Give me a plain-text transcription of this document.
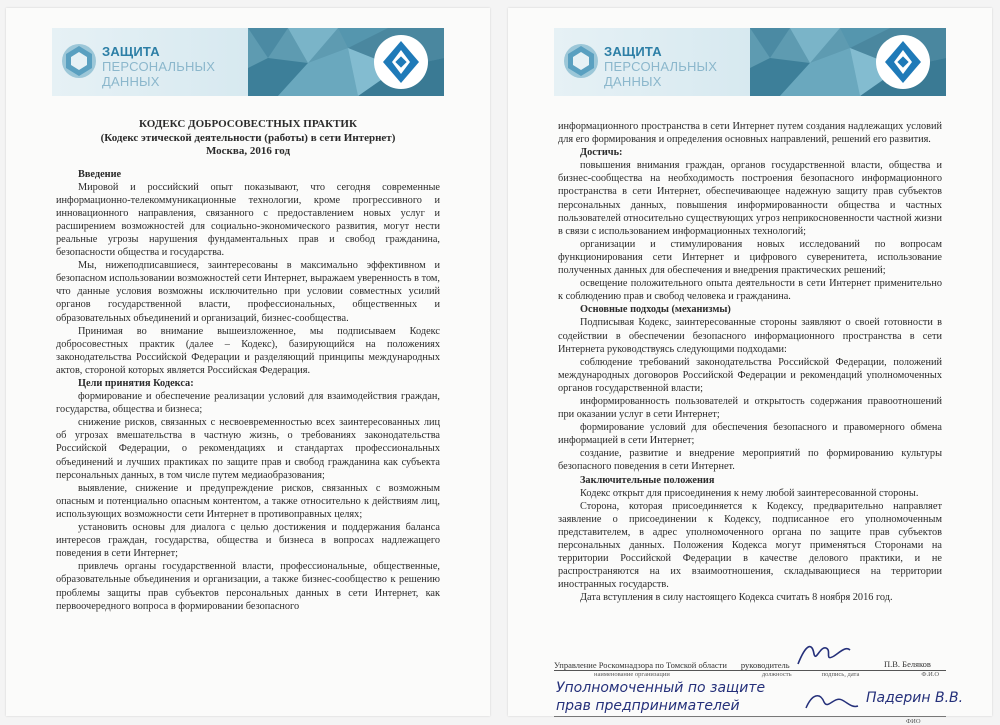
ЗАЩИТА ПЕРСОНАЛЬНЫХ
ДАННЫХ

КОДЕКС ДОБРОСОВЕСТНЫХ ПРАКТИК

(Кодекс этической деятельности (работы) в сети Интернет)

Москва, 2016 год

Введение

Мировой и российский опыт показывают, что сегодня современные информационно-телекоммуникационные технологии, кроме прогрессивного и инновационного направления, связанного с предоставлением новых услуг и расширением возможностей для социально-экономического развития, могут нести реальные угрозы нарушения фундаментальных прав и свобод гражданина, безопасности общества и государства.

Мы, нижеподписавшиеся, заинтересованы в максимально эффективном и безопасном использовании возможностей сети Интернет, выражаем уверенность в том, что данные условия возможны исключительно при условии совместных усилий органов государственной власти, профессиональных, общественных и образовательных объединений и организаций, бизнес-сообщества.

Принимая во внимание вышеизложенное, мы подписываем Кодекс добросовестных практик (далее – Кодекс), базирующийся на положениях законодательства Российской Федерации и разделяющий принципы международных актов, стороной которых является Российская Федерация.

Цели принятия Кодекса:

формирование и обеспечение реализации условий для взаимодействия граждан, государства, общества и бизнеса;

снижение рисков, связанных с несвоевременностью всех заинтересованных лиц об угрозах вмешательства в частную жизнь, о требованиях законодательства Российской Федерации, о рекомендациях и стандартах профессиональных объединений и лучших практиках по защите прав и свобод гражданина как субъекта персональных данных, в том числе путем медиаобразования;

выявление, снижение и предупреждение рисков, связанных с возможным опасным и потенциально опасным контентом, а также относительно к действиям лиц, использующих возможности сети Интернет в противоправных целях;

установить основы для диалога с целью достижения и поддержания баланса интересов граждан, государства, общества и бизнеса в вопросах надлежащего поведения в сети Интернет;

привлечь органы государственной власти, профессиональные, общественные, образовательные объединения и организации, а также бизнес-сообщество к решению проблемы защиты прав субъектов персональных данных в сети Интернет, как первоочередного вопроса в формировании безопасного

ЗАЩИТА ПЕРСОНАЛЬНЫХ
ДАННЫХ

информационного пространства в сети Интернет путем создания надлежащих условий для его формирования и определения основных направлений, решений его развития.

Достичь:

повышения внимания граждан, органов государственной власти, общества и бизнес-сообщества на необходимость построения безопасного информационного пространства в сети Интернет, обеспечивающее надежную защиту прав субъектов персональных данных, повышения информированности общества и частных пользователей относительно существующих угроз неприкосновенности частной жизни в связи с использованием информационных технологий;

организации и стимулирования новых исследований по вопросам функционирования сети Интернет и цифрового суверенитета, использование полученных данных для обеспечения и внедрения практических решений;

освещение положительного опыта деятельности в сети Интернет применительно к соблюдению прав и свобод человека и гражданина.

Основные подходы (механизмы)

Подписывая Кодекс, заинтересованные стороны заявляют о своей готовности в содействии в обеспечении безопасного информационного пространства в сети Интернета руководствуясь следующими подходами:

соблюдение требований законодательства Российской Федерации, положений международных договоров Российской Федерации и рекомендаций уполномоченных органов государственной власти;

информированность пользователей и открытость содержания правоотношений при оказании услуг в сети Интернет;

формирование условий для обеспечения безопасного и правомерного обмена информацией в сети Интернет;

создание, развитие и внедрение мероприятий по формированию культуры безопасного поведения в сети Интернет.

Заключительные положения

Кодекс открыт для присоединения к нему любой заинтересованной стороны.

Сторона, которая присоединяется к Кодексу, предварительно направляет заявление о присоединении к Кодексу, подписанное его уполномоченным представителем, в адрес уполномоченного органа по защите прав субъектов персональных данных. Положения Кодекса могут применяться Сторонами на территории Российской Федерации в качестве делового практики, и не распространяются на их взаимоотношения, складывающиеся на территории иностранных государств.

Дата вступления в силу настоящего Кодекса считать 8 ноября 2016 год.

Управление Роскомнадзора по Томской области руководитель	П.В. Беляков
наименование организации	должность	подпись, дата	Ф.И.О
Уполномоченный по защите
прав предпринимателей	Падерин В.В.
ФИО
